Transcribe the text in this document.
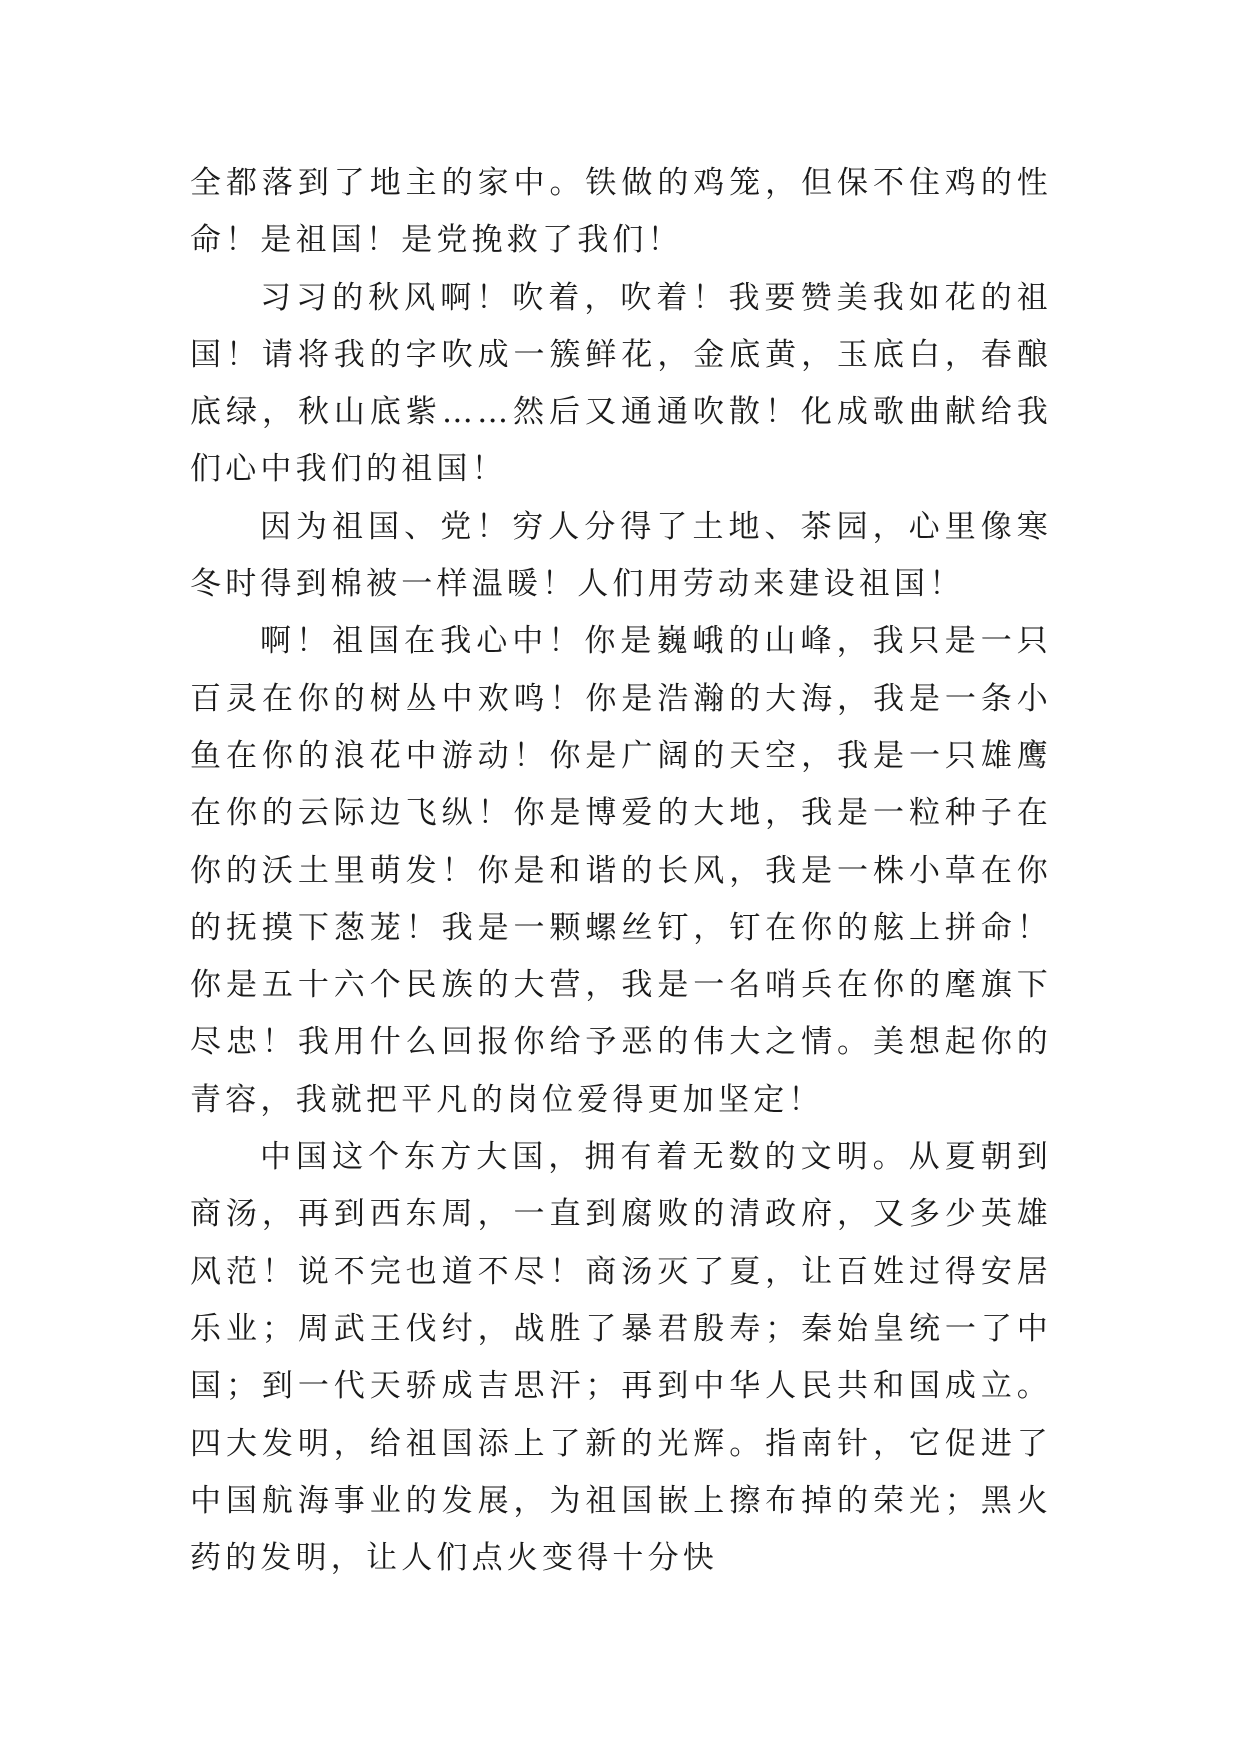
全都落到了地主的家中。铁做的鸡笼，但保不住鸡的性命！是祖国！是党挽救了我们！

习习的秋风啊！吹着，吹着！我要赞美我如花的祖国！请将我的字吹成一簇鲜花，金底黄，玉底白，春酿底绿，秋山底紫……然后又通通吹散！化成歌曲献给我们心中我们的祖国！

因为祖国、党！穷人分得了土地、茶园，心里像寒冬时得到棉被一样温暖！人们用劳动来建设祖国！

啊！祖国在我心中！你是巍峨的山峰，我只是一只百灵在你的树丛中欢鸣！你是浩瀚的大海，我是一条小鱼在你的浪花中游动！你是广阔的天空，我是一只雄鹰在你的云际边飞纵！你是博爱的大地，我是一粒种子在你的沃土里萌发！你是和谐的长风，我是一株小草在你的抚摸下葱茏！我是一颗螺丝钉，钉在你的舷上拼命！你是五十六个民族的大营，我是一名哨兵在你的麾旗下尽忠！我用什么回报你给予恶的伟大之情。美想起你的青容，我就把平凡的岗位爱得更加坚定！

中国这个东方大国，拥有着无数的文明。从夏朝到商汤，再到西东周，一直到腐败的清政府，又多少英雄风范！说不完也道不尽！商汤灭了夏，让百姓过得安居乐业；周武王伐纣，战胜了暴君殷寿；秦始皇统一了中国；到一代天骄成吉思汗；再到中华人民共和国成立。四大发明，给祖国添上了新的光辉。指南针，它促进了中国航海事业的发展，为祖国嵌上擦布掉的荣光；黑火药的发明，让人们点火变得十分快
